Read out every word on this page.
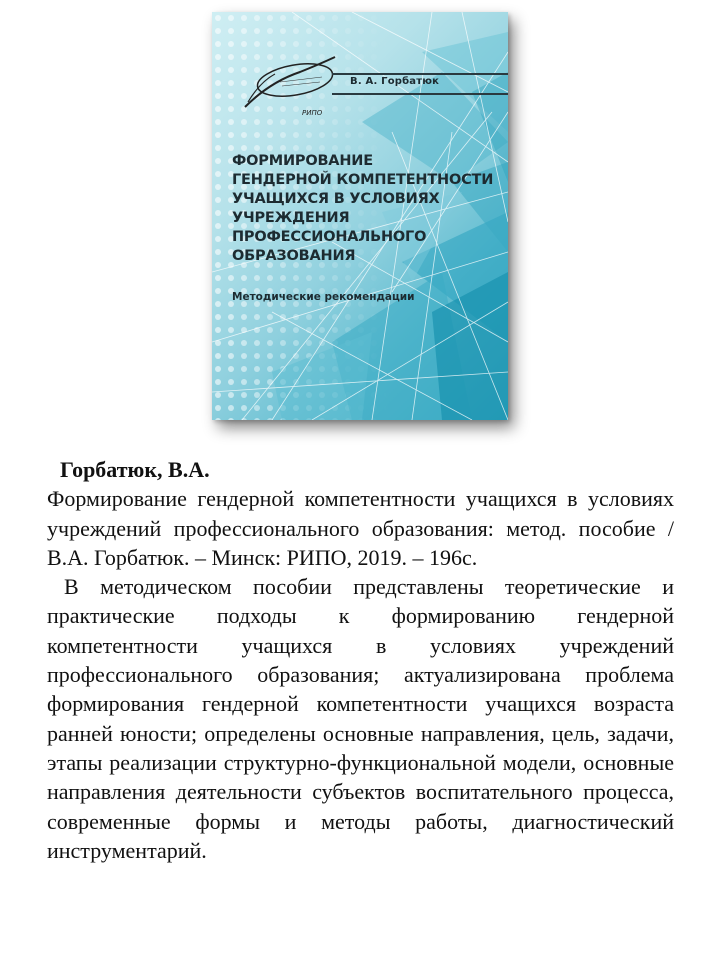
РИПО
В. А. Горбатюк
ФОРМИРОВАНИЕ
ГЕНДЕРНОЙ КОМПЕТЕНТНОСТИ
УЧАЩИХСЯ В УСЛОВИЯХ
УЧРЕЖДЕНИЯ
ПРОФЕССИОНАЛЬНОГО
ОБРАЗОВАНИЯ
Методические рекомендации
Горбатюк, В.А.
Формирование гендерной компетентности учащихся в условиях учреждений профессионального образования: метод. пособие / В.А. Горбатюк. – Минск: РИПО, 2019. – 196с.
В методическом пособии представлены теоретические и практические подходы к формированию гендерной компетентности учащихся в условиях учреждений профессионального образования; актуализирована проблема формирования гендерной компетентности учащихся возраста ранней юности; определены основные направления, цель, задачи, этапы реализации структурно-функциональной модели, основные направления деятельности субъектов воспитательного процесса, современные формы и методы работы, диагностический инструментарий.
